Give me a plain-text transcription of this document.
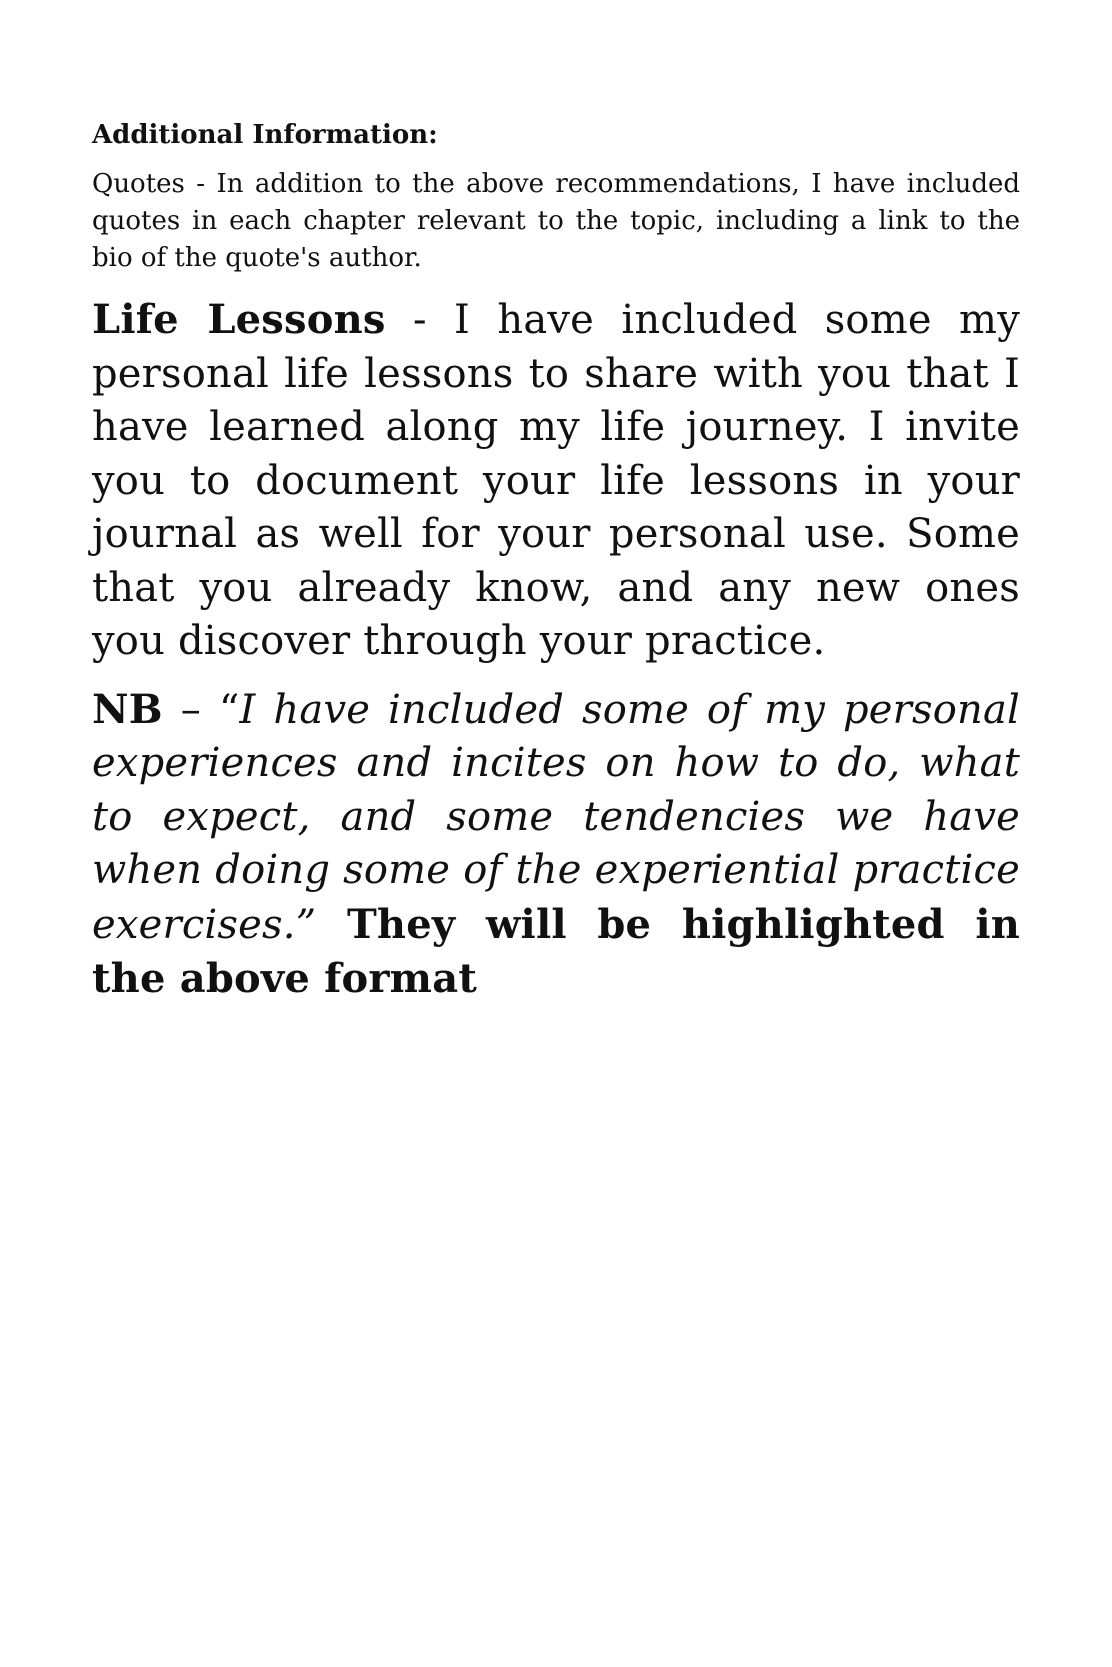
Additional Information:

Quotes - In addition to the above recommendations, I have included quotes in each chapter relevant to the topic, including a link to the bio of the quote's author.

Life Lessons - I have included some my personal life lessons to share with you that I have learned along my life journey. I invite you to document your life lessons in your journal as well for your personal use. Some that you already know, and any new ones you discover through your practice.

NB – “I have included some of my personal experiences and incites on how to do, what to expect, and some tendencies we have when doing some of the experiential practice exercises.” They will be highlighted in the above format
